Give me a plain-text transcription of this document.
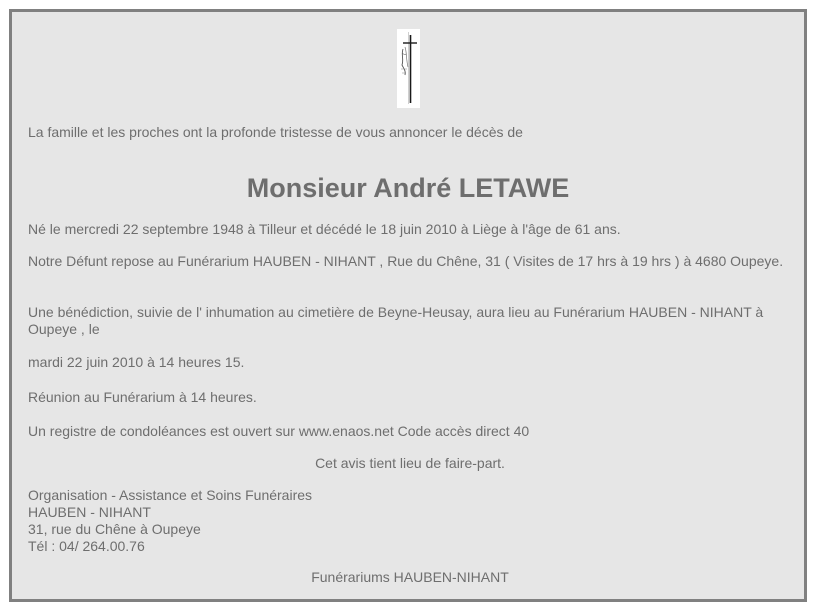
La famille et les proches ont la profonde tristesse de vous annoncer le décès de

Monsieur André LETAWE

Né le mercredi 22 septembre 1948 à Tilleur et décédé le 18 juin 2010 à Liège à l'âge de 61 ans.

Notre Défunt repose au Funérarium HAUBEN - NIHANT , Rue du Chêne, 31 ( Visites de 17 hrs à 19 hrs ) à 4680 Oupeye.

Une bénédiction, suivie de l' inhumation au cimetière de Beyne-Heusay, aura lieu au Funérarium HAUBEN - NIHANT à Oupeye , le

mardi 22 juin 2010 à 14 heures 15.

Réunion au Funérarium à 14 heures.

Un registre de condoléances est ouvert sur www.enaos.net Code accès direct 40

Cet avis tient lieu de faire-part.

Organisation - Assistance et Soins Funéraires
HAUBEN - NIHANT
31, rue du Chêne à Oupeye
Tél : 04/ 264.00.76

Funérariums HAUBEN-NIHANT
